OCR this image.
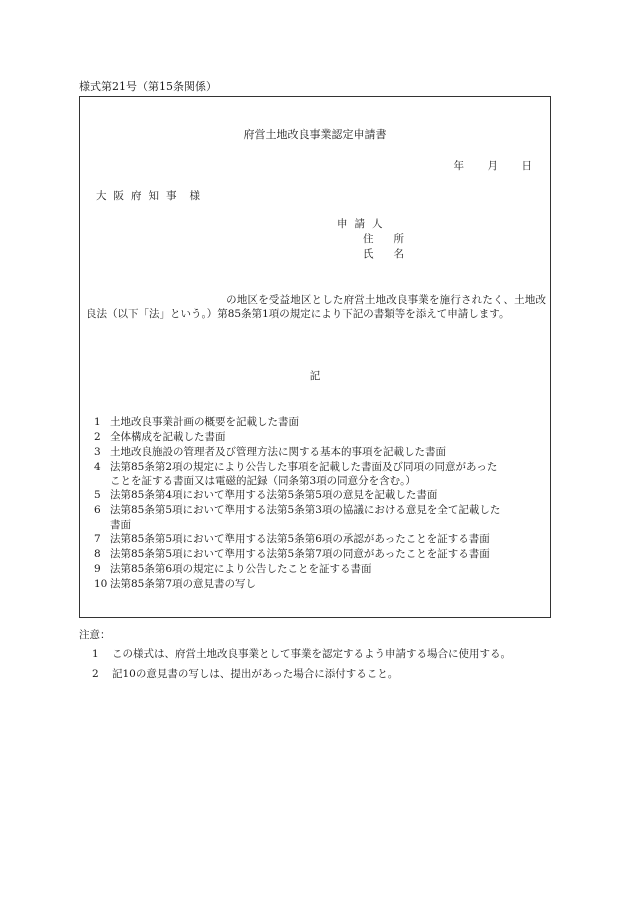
様式第21号（第15条関係）
府営土地改良事業認定申請書
年	月	日
大阪府知事 様
申請人
住 所
氏 名
の地区を受益地区とした府営土地改良事業を施行されたく、土地改良法（以下「法」という。）第85条第1項の規定により下記の書類等を添えて申請します。
記
1 土地改良事業計画の概要を記載した書面
2 全体構成を記載した書面
3 土地改良施設の管理者及び管理方法に関する基本的事項を記載した書面
4 法第85条第2項の規定により公告した事項を記載した書面及び同項の同意があった
ことを証する書面又は電磁的記録（同条第3項の同意分を含む。）
5 法第85条第4項において準用する法第5条第5項の意見を記載した書面
6 法第85条第5項において準用する法第5条第3項の協議における意見を全て記載した
書面
7 法第85条第5項において準用する法第5条第6項の承認があったことを証する書面
8 法第85条第5項において準用する法第5条第7項の同意があったことを証する書面
9 法第85条第6項の規定により公告したことを証する書面
10 法第85条第7項の意見書の写し
注意：
1	この様式は、府営土地改良事業として事業を認定するよう申請する場合に使用する。
2	記10の意見書の写しは、提出があった場合に添付すること。
